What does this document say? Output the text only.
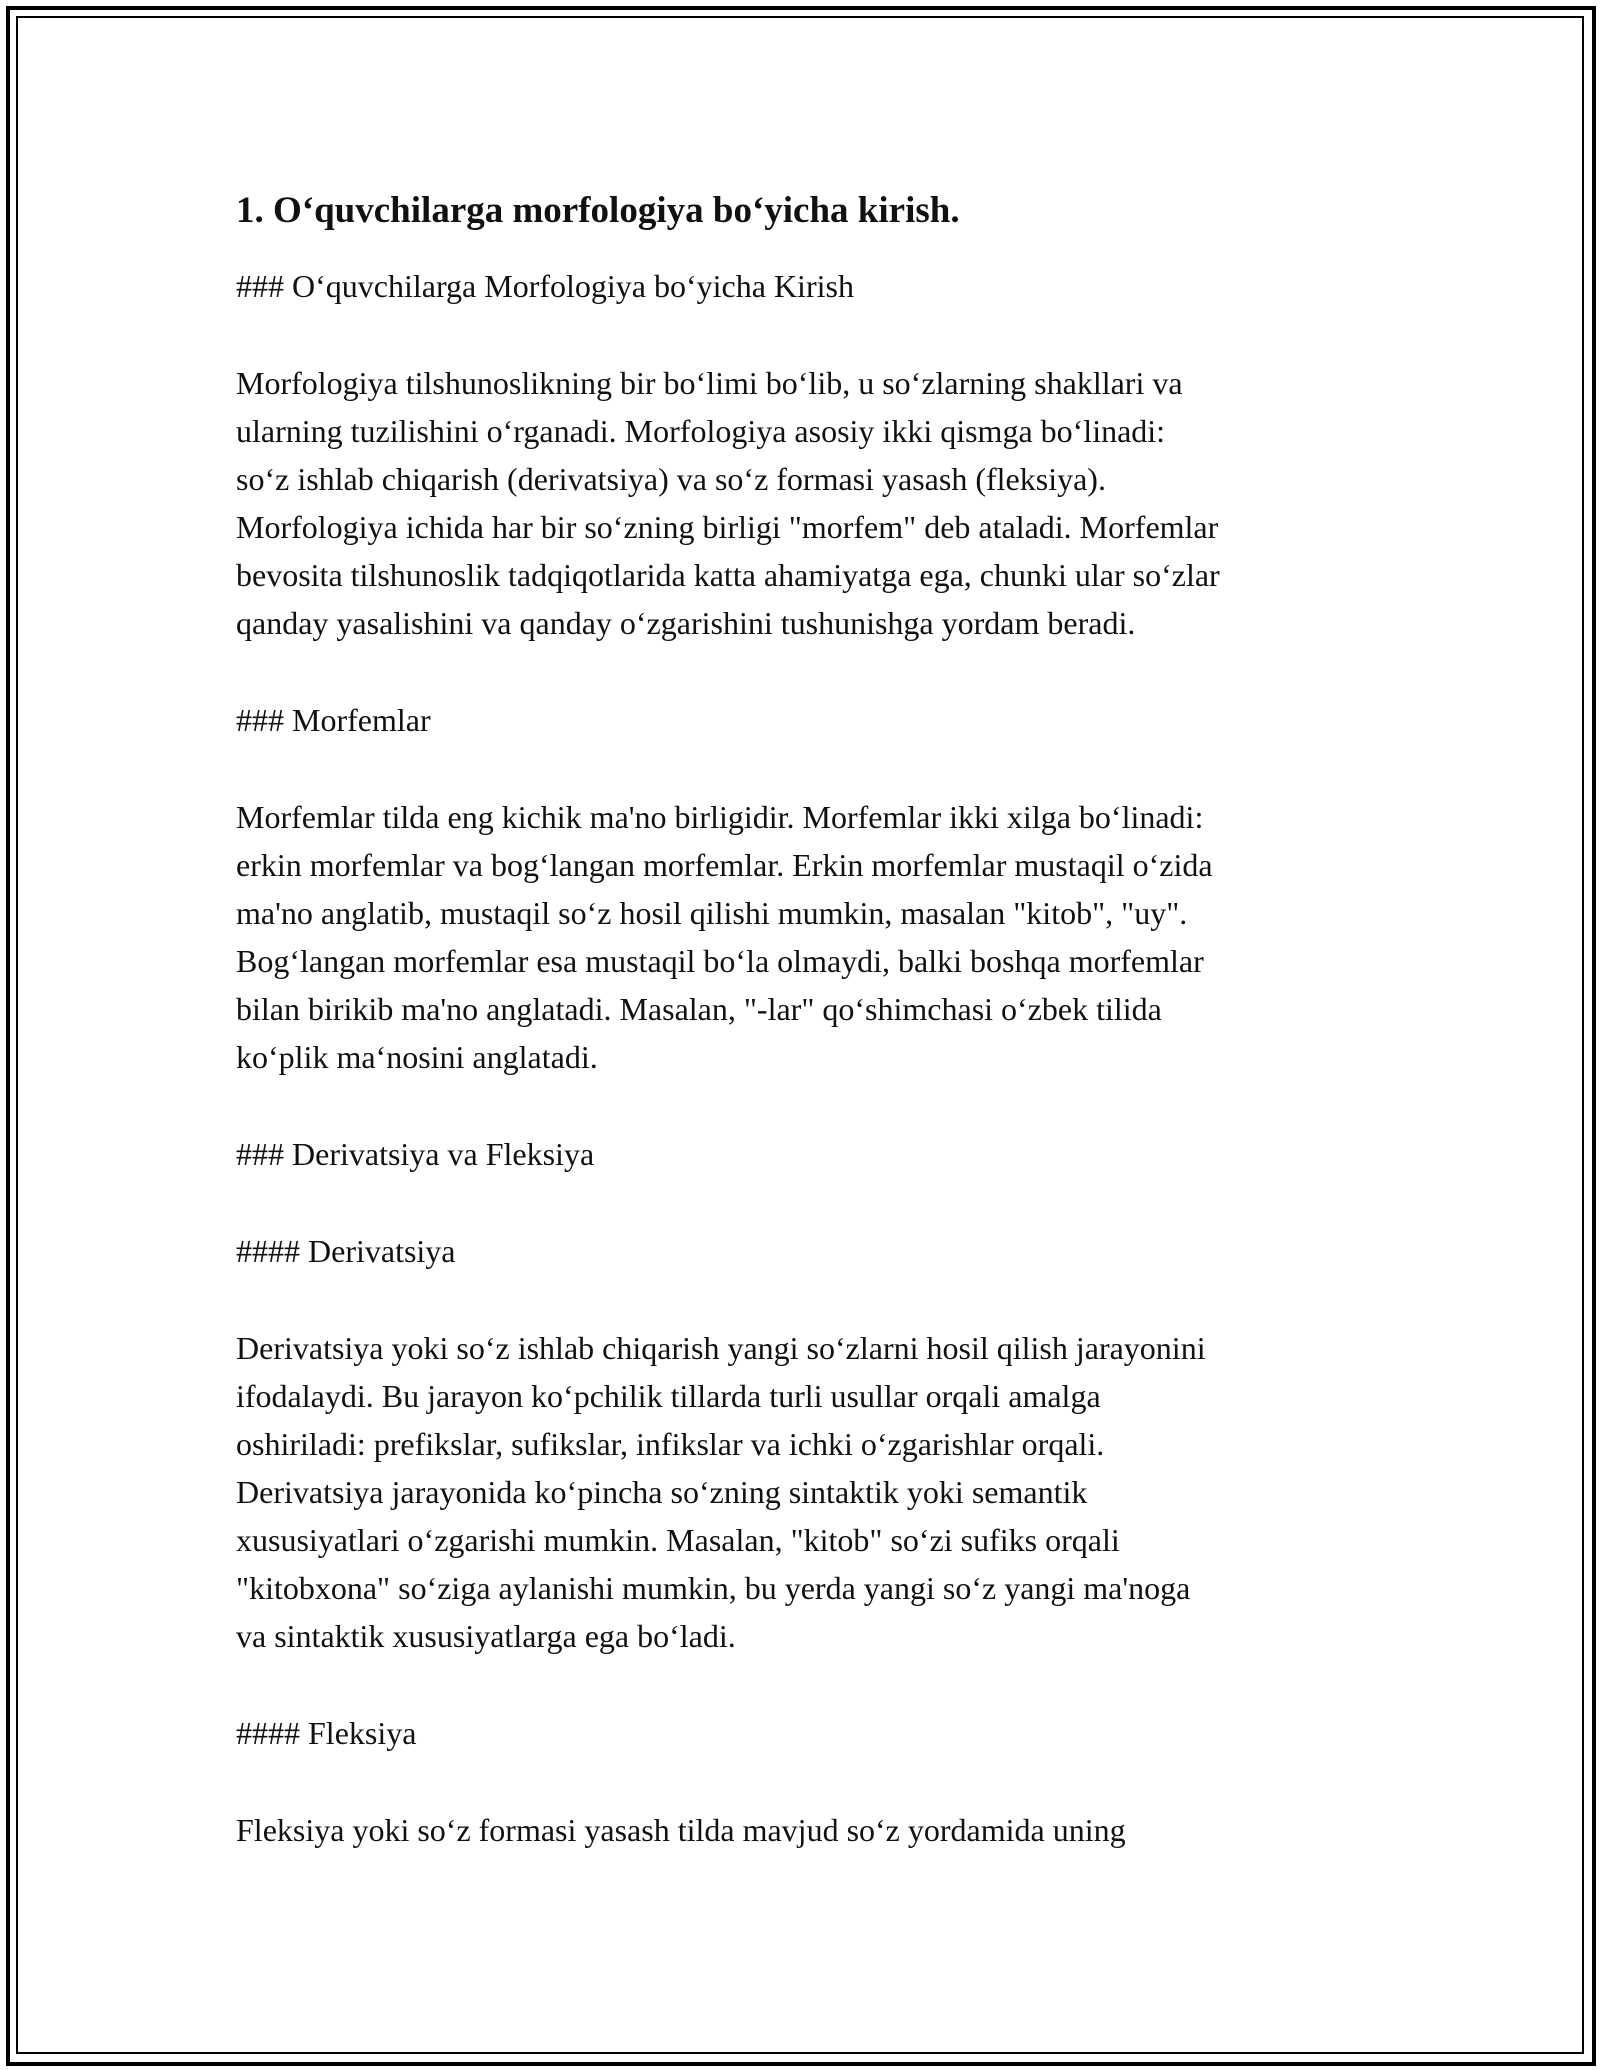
1. O‘quvchilarga morfologiya bo‘yicha kirish.
### O‘quvchilarga Morfologiya bo‘yicha Kirish
Morfologiya tilshunoslikning bir bo‘limi bo‘lib, u so‘zlarning shakllari va
ularning tuzilishini o‘rganadi. Morfologiya asosiy ikki qismga bo‘linadi:
so‘z ishlab chiqarish (derivatsiya) va so‘z formasi yasash (fleksiya).
Morfologiya ichida har bir so‘zning birligi "morfem" deb ataladi. Morfemlar
bevosita tilshunoslik tadqiqotlarida katta ahamiyatga ega, chunki ular so‘zlar
qanday yasalishini va qanday o‘zgarishini tushunishga yordam beradi.
### Morfemlar
Morfemlar tilda eng kichik ma'no birligidir. Morfemlar ikki xilga bo‘linadi:
erkin morfemlar va bog‘langan morfemlar. Erkin morfemlar mustaqil o‘zida
ma'no anglatib, mustaqil so‘z hosil qilishi mumkin, masalan "kitob", "uy".
Bog‘langan morfemlar esa mustaqil bo‘la olmaydi, balki boshqa morfemlar
bilan birikib ma'no anglatadi. Masalan, "-lar" qo‘shimchasi o‘zbek tilida
ko‘plik ma‘nosini anglatadi.
### Derivatsiya va Fleksiya
#### Derivatsiya
Derivatsiya yoki so‘z ishlab chiqarish yangi so‘zlarni hosil qilish jarayonini
ifodalaydi. Bu jarayon ko‘pchilik tillarda turli usullar orqali amalga
oshiriladi: prefikslar, sufikslar, infikslar va ichki o‘zgarishlar orqali.
Derivatsiya jarayonida ko‘pincha so‘zning sintaktik yoki semantik
xususiyatlari o‘zgarishi mumkin. Masalan, "kitob" so‘zi sufiks orqali
"kitobxona" so‘ziga aylanishi mumkin, bu yerda yangi so‘z yangi ma'noga
va sintaktik xususiyatlarga ega bo‘ladi.
#### Fleksiya
Fleksiya yoki so‘z formasi yasash tilda mavjud so‘z yordamida uning
